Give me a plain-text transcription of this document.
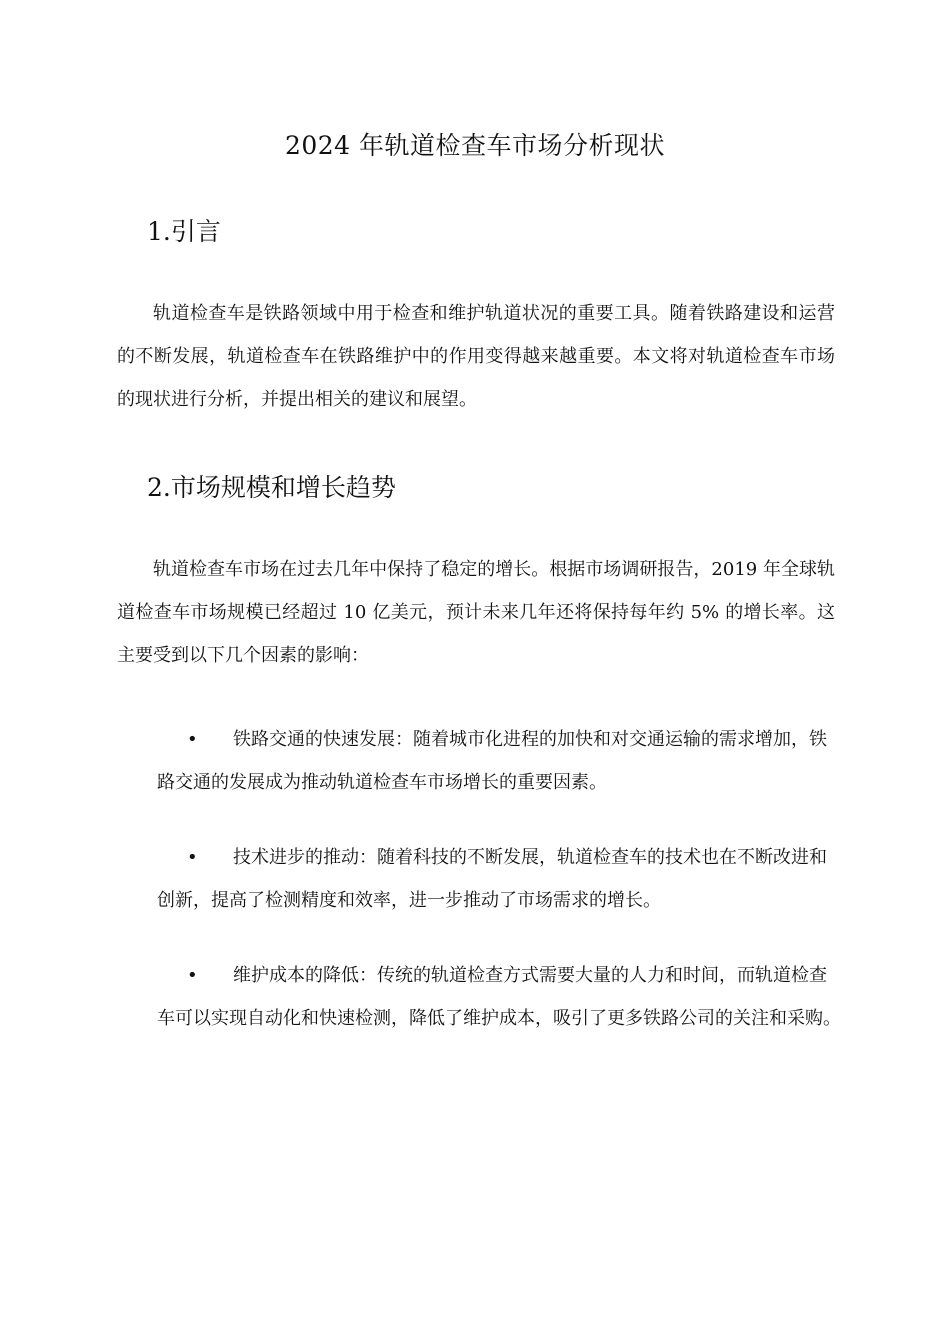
2024 年轨道检查车市场分析现状
1.引言

轨道检查车是铁路领域中用于检查和维护轨道状况的重要工具。随着铁路建设和运营的不断发展，轨道检查车在铁路维护中的作用变得越来越重要。本文将对轨道检查车市场的现状进行分析，并提出相关的建议和展望。

2.市场规模和增长趋势

轨道检查车市场在过去几年中保持了稳定的增长。根据市场调研报告，2019 年全球轨道检查车市场规模已经超过 10 亿美元，预计未来几年还将保持每年约 5% 的增长率。这主要受到以下几个因素的影响：

• 铁路交通的快速发展：随着城市化进程的加快和对交通运输的需求增加，铁路交通的发展成为推动轨道检查车市场增长的重要因素。

• 技术进步的推动：随着科技的不断发展，轨道检查车的技术也在不断改进和创新，提高了检测精度和效率，进一步推动了市场需求的增长。

• 维护成本的降低：传统的轨道检查方式需要大量的人力和时间，而轨道检查车可以实现自动化和快速检测，降低了维护成本，吸引了更多铁路公司的关注和采购。
